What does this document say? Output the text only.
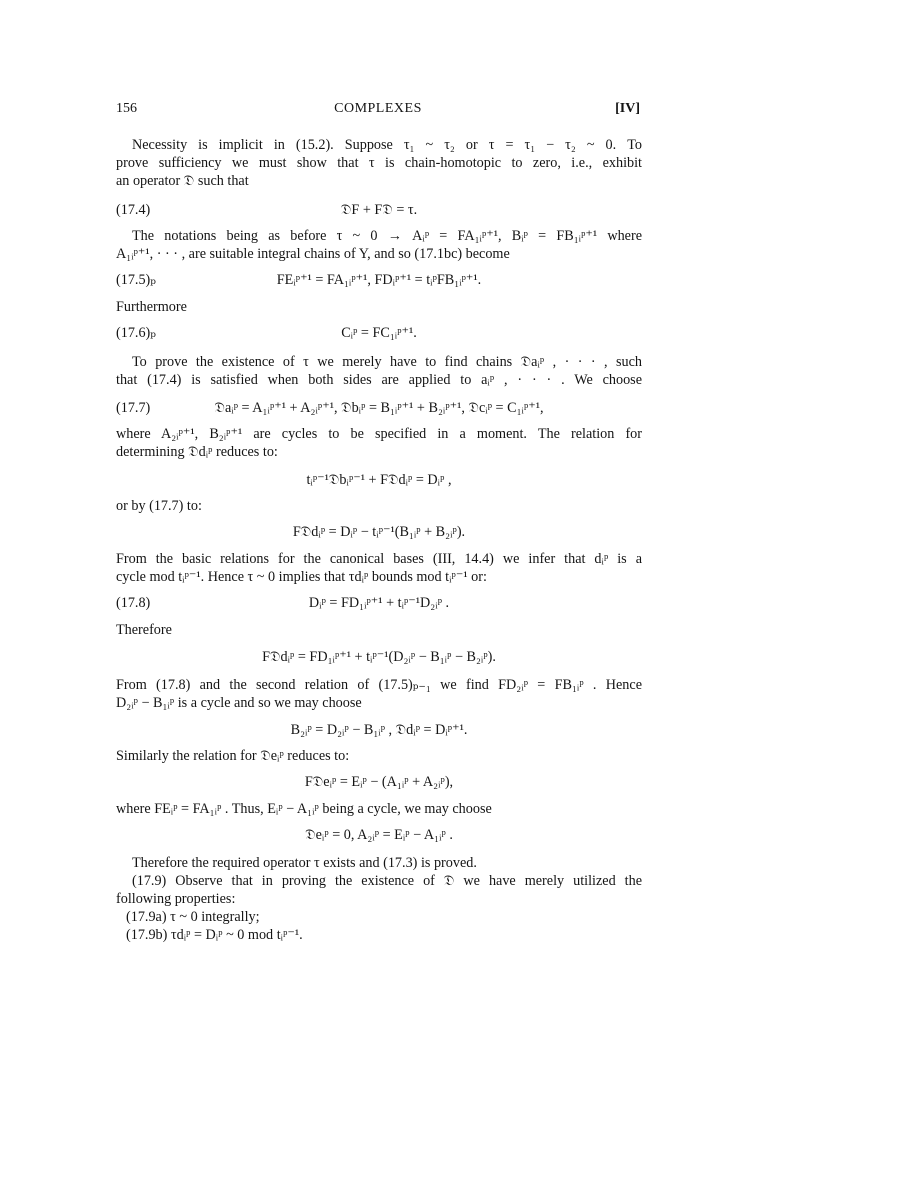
156	COMPLEXES	[IV]
Necessity is implicit in (15.2). Suppose τ₁ ~ τ₂ or τ = τ₁ − τ₂ ~ 0. To
prove sufficiency we must show that τ is chain-homotopic to zero, i.e., exhibit
an operator 𝔇 such that
(17.4)	𝔇F + F𝔇 = τ.
The notations being as before τ ~ 0 → Aᵢᵖ = FA₁ᵢᵖ⁺¹, Bᵢᵖ = FB₁ᵢᵖ⁺¹ where
A₁ᵢᵖ⁺¹, · · · , are suitable integral chains of Y, and so (17.1bc) become
(17.5)ₚ	FEᵢᵖ⁺¹ = FA₁ᵢᵖ⁺¹, FDᵢᵖ⁺¹ = tᵢᵖFB₁ᵢᵖ⁺¹.
Furthermore
(17.6)ₚ	Cᵢᵖ = FC₁ᵢᵖ⁺¹.
To prove the existence of τ we merely have to find chains 𝔇aᵢᵖ , · · · , such
that (17.4) is satisfied when both sides are applied to aᵢᵖ , · · · . We choose
(17.7)	𝔇aᵢᵖ = A₁ᵢᵖ⁺¹ + A₂ᵢᵖ⁺¹, 𝔇bᵢᵖ = B₁ᵢᵖ⁺¹ + B₂ᵢᵖ⁺¹, 𝔇cᵢᵖ = C₁ᵢᵖ⁺¹,
where A₂ᵢᵖ⁺¹, B₂ᵢᵖ⁺¹ are cycles to be specified in a moment. The relation for
determining 𝔇dᵢᵖ reduces to:
tᵢᵖ⁻¹𝔇bᵢᵖ⁻¹ + F𝔇dᵢᵖ = Dᵢᵖ ,
or by (17.7) to:
F𝔇dᵢᵖ = Dᵢᵖ − tᵢᵖ⁻¹(B₁ᵢᵖ + B₂ᵢᵖ).
From the basic relations for the canonical bases (III, 14.4) we infer that dᵢᵖ is a
cycle mod tᵢᵖ⁻¹. Hence τ ~ 0 implies that τdᵢᵖ bounds mod tᵢᵖ⁻¹ or:
(17.8)	Dᵢᵖ = FD₁ᵢᵖ⁺¹ + tᵢᵖ⁻¹D₂ᵢᵖ .
Therefore
F𝔇dᵢᵖ = FD₁ᵢᵖ⁺¹ + tᵢᵖ⁻¹(D₂ᵢᵖ − B₁ᵢᵖ − B₂ᵢᵖ).
From (17.8) and the second relation of (17.5)ₚ₋₁ we find FD₂ᵢᵖ = FB₁ᵢᵖ . Hence
D₂ᵢᵖ − B₁ᵢᵖ is a cycle and so we may choose
B₂ᵢᵖ = D₂ᵢᵖ − B₁ᵢᵖ , 𝔇dᵢᵖ = Dᵢᵖ⁺¹.
Similarly the relation for 𝔇eᵢᵖ reduces to:
F𝔇eᵢᵖ = Eᵢᵖ − (A₁ᵢᵖ + A₂ᵢᵖ),
where FEᵢᵖ = FA₁ᵢᵖ . Thus, Eᵢᵖ − A₁ᵢᵖ being a cycle, we may choose
𝔇eᵢᵖ = 0, A₂ᵢᵖ = Eᵢᵖ − A₁ᵢᵖ .
Therefore the required operator τ exists and (17.3) is proved.
(17.9) Observe that in proving the existence of 𝔇 we have merely utilized the
following properties:
(17.9a) τ ~ 0 integrally;
(17.9b) τdᵢᵖ = Dᵢᵖ ~ 0 mod tᵢᵖ⁻¹.
